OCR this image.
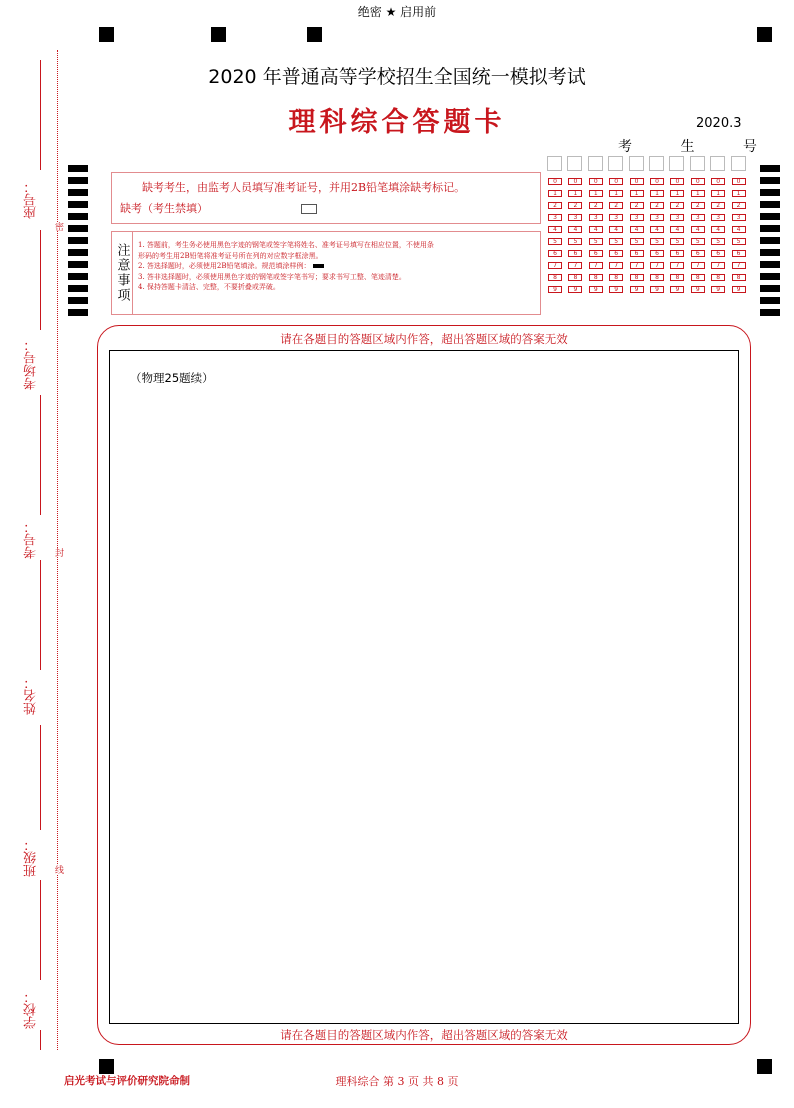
绝密 ★ 启用前
2020 年普通高等学校招生全国统一模拟考试
理科综合答题卡	2020.3
考 生 号
座号：
考场号：
考号：
姓名：
班级：
学校：
密
封
线
缺考考生，由监考人员填写准考证号，并用2B铅笔填涂缺考标记。
缺考（考生禁填）
注意事项 1. 答题前，考生务必使用黑色字迹的钢笔或签字笔将姓名、准考证号填写在相应位置，不使用条
形码的考生用2B铅笔将准考证号所在列的对应数字框涂黑。
2. 答选择题时，必须使用2B铅笔填涂。规范填涂样例：
3. 答非选择题时，必须使用黑色字迹的钢笔或签字笔书写；要求书写工整、笔迹清楚。
4. 保持答题卡清洁、完整，不要折叠或弄破。
0
1
2
3
4
5
6
7
8
9
0
1
2
3
4
5
6
7
8
9
0
1
2
3
4
5
6
7
8
9
0
1
2
3
4
5
6
7
8
9
0
1
2
3
4
5
6
7
8
9
0
1
2
3
4
5
6
7
8
9
0
1
2
3
4
5
6
7
8
9
0
1
2
3
4
5
6
7
8
9
0
1
2
3
4
5
6
7
8
9
0
1
2
3
4
5
6
7
8
9
请在各题目的答题区域内作答，超出答题区域的答案无效
（物理25题续）
请在各题目的答题区域内作答，超出答题区域的答案无效
启光考试与评价研究院命制	理科综合 第 3 页 共 8 页
